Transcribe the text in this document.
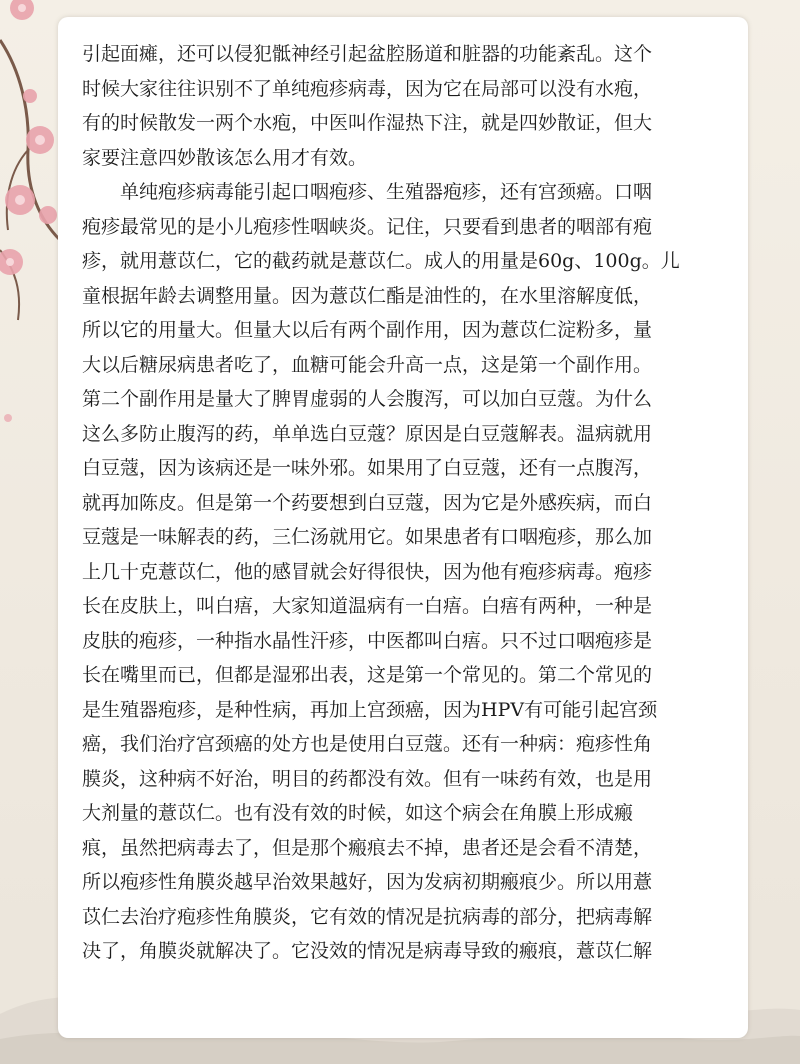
引起面瘫，还可以侵犯骶神经引起盆腔肠道和脏器的功能紊乱。这个
时候大家往往识别不了单纯疱疹病毒，因为它在局部可以没有水疱，
有的时候散发一两个水疱，中医叫作湿热下注，就是四妙散证，但大
家要注意四妙散该怎么用才有效。
　　单纯疱疹病毒能引起口咽疱疹、生殖器疱疹，还有宫颈癌。口咽
疱疹最常见的是小儿疱疹性咽峡炎。记住，只要看到患者的咽部有疱
疹，就用薏苡仁，它的截药就是薏苡仁。成人的用量是60g、100g。儿
童根据年龄去调整用量。因为薏苡仁酯是油性的，在水里溶解度低，
所以它的用量大。但量大以后有两个副作用，因为薏苡仁淀粉多，量
大以后糖尿病患者吃了，血糖可能会升高一点，这是第一个副作用。
第二个副作用是量大了脾胃虚弱的人会腹泻，可以加白豆蔻。为什么
这么多防止腹泻的药，单单选白豆蔻？原因是白豆蔻解表。温病就用
白豆蔻，因为该病还是一味外邪。如果用了白豆蔻，还有一点腹泻，
就再加陈皮。但是第一个药要想到白豆蔻，因为它是外感疾病，而白
豆蔻是一味解表的药，三仁汤就用它。如果患者有口咽疱疹，那么加
上几十克薏苡仁，他的感冒就会好得很快，因为他有疱疹病毒。疱疹
长在皮肤上，叫白痦，大家知道温病有一白痦。白痦有两种，一种是
皮肤的疱疹，一种指水晶性汗疹，中医都叫白痦。只不过口咽疱疹是
长在嘴里而已，但都是湿邪出表，这是第一个常见的。第二个常见的
是生殖器疱疹，是种性病，再加上宫颈癌，因为HPV有可能引起宫颈
癌，我们治疗宫颈癌的处方也是使用白豆蔻。还有一种病：疱疹性角
膜炎，这种病不好治，明目的药都没有效。但有一味药有效，也是用
大剂量的薏苡仁。也有没有效的时候，如这个病会在角膜上形成瘢
痕，虽然把病毒去了，但是那个瘢痕去不掉，患者还是会看不清楚，
所以疱疹性角膜炎越早治效果越好，因为发病初期瘢痕少。所以用薏
苡仁去治疗疱疹性角膜炎，它有效的情况是抗病毒的部分，把病毒解
决了，角膜炎就解决了。它没效的情况是病毒导致的瘢痕，薏苡仁解
